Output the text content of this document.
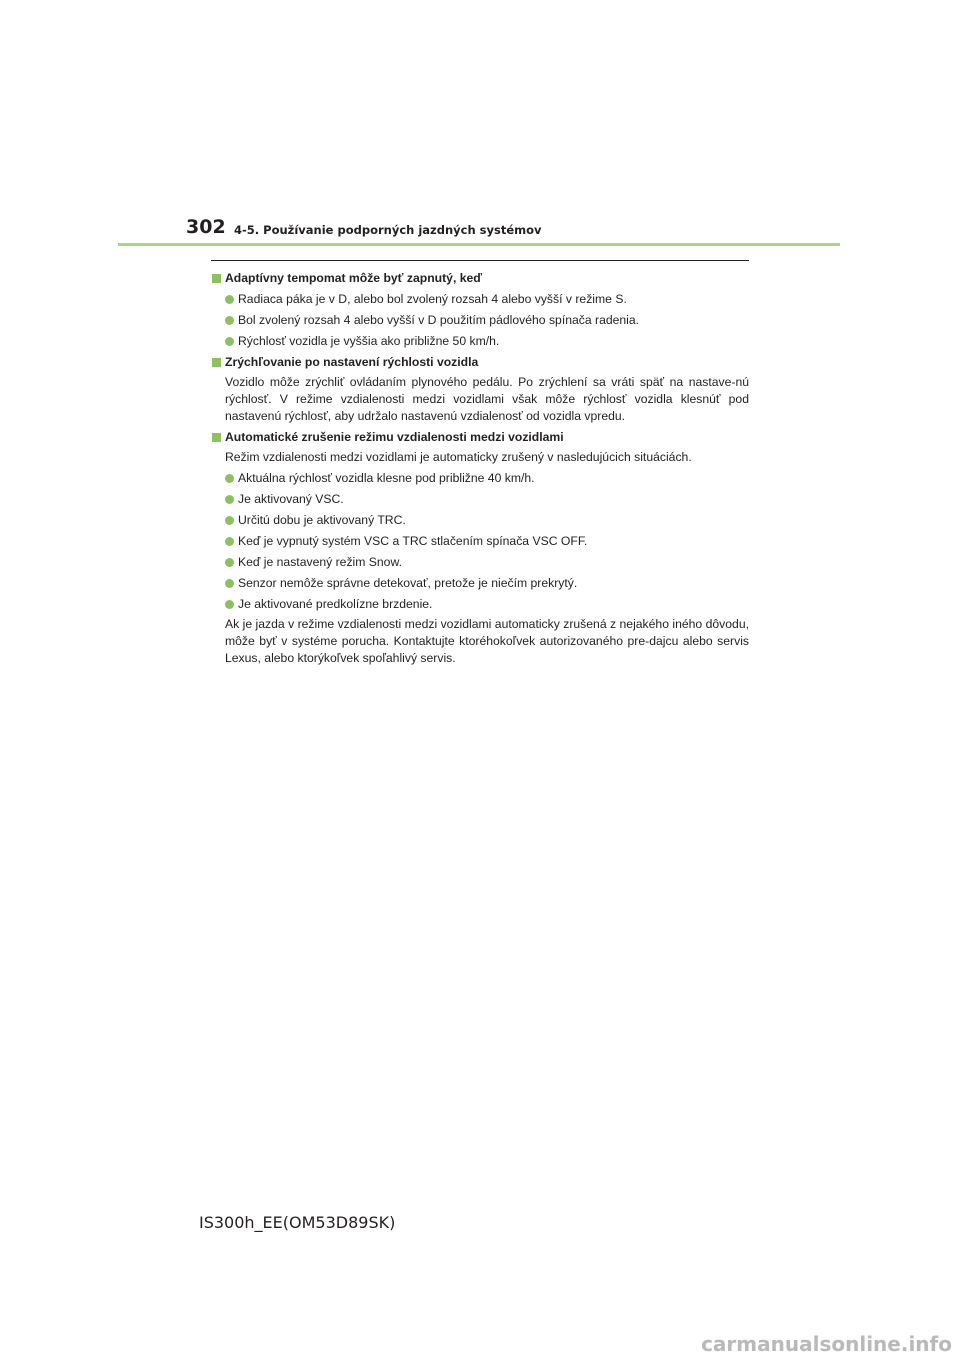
302 4-5. Používanie podporných jazdných systémov
Adaptívny tempomat môže byť zapnutý, keď
Radiaca páka je v D, alebo bol zvolený rozsah 4 alebo vyšší v režime S.
Bol zvolený rozsah 4 alebo vyšší v D použitím pádlového spínača radenia.
Rýchlosť vozidla je vyššia ako približne 50 km/h.
Zrýchľovanie po nastavení rýchlosti vozidla
Vozidlo môže zrýchliť ovládaním plynového pedálu. Po zrýchlení sa vráti späť na nastave-nú rýchlosť. V režime vzdialenosti medzi vozidlami však môže rýchlosť vozidla klesnúť pod nastavenú rýchlosť, aby udržalo nastavenú vzdialenosť od vozidla vpredu.
Automatické zrušenie režimu vzdialenosti medzi vozidlami
Režim vzdialenosti medzi vozidlami je automaticky zrušený v nasledujúcich situáciách.
Aktuálna rýchlosť vozidla klesne pod približne 40 km/h.
Je aktivovaný VSC.
Určitú dobu je aktivovaný TRC.
Keď je vypnutý systém VSC a TRC stlačením spínača VSC OFF.
Keď je nastavený režim Snow.
Senzor nemôže správne detekovať, pretože je niečím prekrytý.
Je aktivované predkolízne brzdenie.
Ak je jazda v režime vzdialenosti medzi vozidlami automaticky zrušená z nejakého iného dôvodu, môže byť v systéme porucha. Kontaktujte ktoréhokoľvek autorizovaného pre-dajcu alebo servis Lexus, alebo ktorýkoľvek spoľahlivý servis.
IS300h_EE(OM53D89SK)
carmanualsonline.info
